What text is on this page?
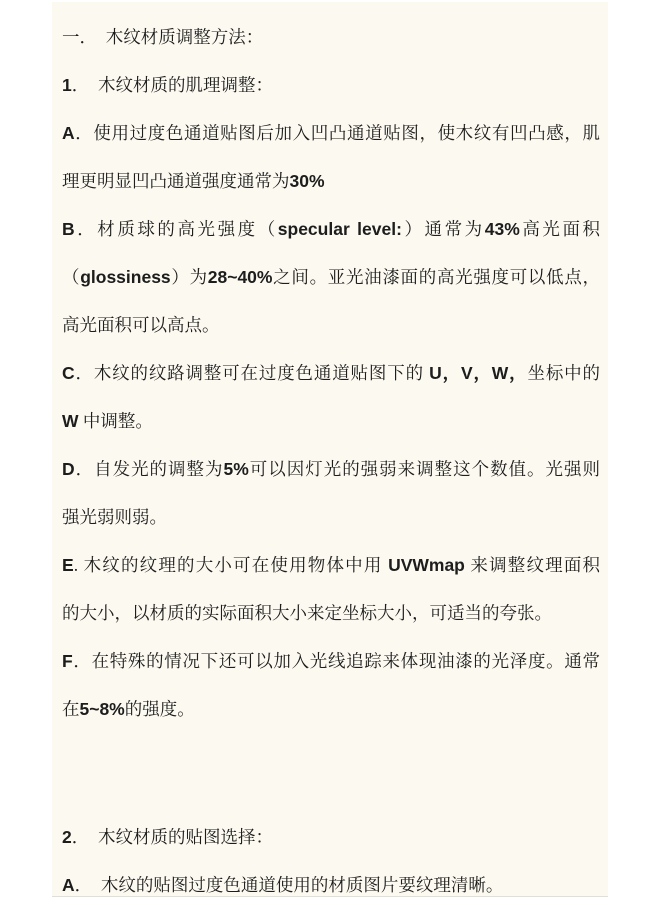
一．　木纹材质调整方法：
1．　木纹材质的肌理调整：
A．使用过度色通道贴图后加入凹凸通道贴图，使木纹有凹凸感，肌
理更明显凹凸通道强度通常为30%
B．材质球的高光强度（specular level:）通常为43%高光面积
（glossiness）为28~40%之间。亚光油漆面的高光强度可以低点，
高光面积可以高点。
C．木纹的纹路调整可在过度色通道贴图下的 U，V，W，坐标中的
W 中调整。
D．自发光的调整为5%可以因灯光的强弱来调整这个数值。光强则
强光弱则弱。
E. 木纹的纹理的大小可在使用物体中用 UVWmap 来调整纹理面积
的大小，以材质的实际面积大小来定坐标大小，可适当的夸张。
F．在特殊的情况下还可以加入光线追踪来体现油漆的光泽度。通常
在5~8%的强度。
2．　木纹材质的贴图选择：
A．　木纹的贴图过度色通道使用的材质图片要纹理清晰。
